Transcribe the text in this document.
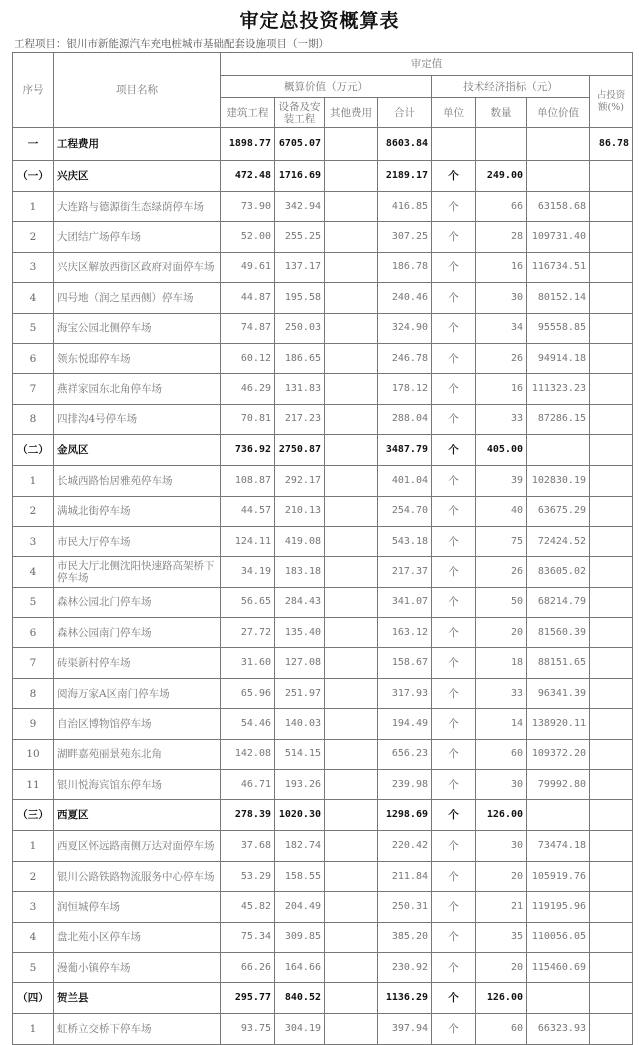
审定总投资概算表
工程项目：银川市新能源汽车充电桩城市基础配套设施项目（一期）
序号	项目名称	审定值							
		概算价值（万元）				技术经济指标（元）			占投资额(%)
		建筑工程	设备及安装工程	其他费用	合计	单位	数量	单位价值	
一	工程费用	1898.77	6705.07		8603.84				86.78
（一）	兴庆区	472.48	1716.69		2189.17	个	249.00		
1	大连路与德源街生态绿荫停车场	73.90	342.94		416.85	个	66	63158.68	
2	大团结广场停车场	52.00	255.25		307.25	个	28	109731.40	
3	兴庆区解放西街区政府对面停车场	49.61	137.17		186.78	个	16	116734.51	
4	四号地（润之星西侧）停车场	44.87	195.58		240.46	个	30	80152.14	
5	海宝公园北侧停车场	74.87	250.03		324.90	个	34	95558.85	
6	领东悦邸停车场	60.12	186.65		246.78	个	26	94914.18	
7	燕祥家园东北角停车场	46.29	131.83		178.12	个	16	111323.23	
8	四排沟4号停车场	70.81	217.23		288.04	个	33	87286.15	
（二）	金凤区	736.92	2750.87		3487.79	个	405.00		
1	长城西路怡居雅苑停车场	108.87	292.17		401.04	个	39	102830.19	
2	满城北街停车场	44.57	210.13		254.70	个	40	63675.29	
3	市民大厅停车场	124.11	419.08		543.18	个	75	72424.52	
4	市民大厅北侧沈阳快速路高架桥下停车场	34.19	183.18		217.37	个	26	83605.02	
5	森林公园北门停车场	56.65	284.43		341.07	个	50	68214.79	
6	森林公园南门停车场	27.72	135.40		163.12	个	20	81560.39	
7	砖渠新村停车场	31.60	127.08		158.67	个	18	88151.65	
8	阅海万家A区南门停车场	65.96	251.97		317.93	个	33	96341.39	
9	自治区博物馆停车场	54.46	140.03		194.49	个	14	138920.11	
10	湖畔嘉苑丽景苑东北角	142.08	514.15		656.23	个	60	109372.20	
11	银川悦海宾馆东停车场	46.71	193.26		239.98	个	30	79992.80	
（三）	西夏区	278.39	1020.30		1298.69	个	126.00		
1	西夏区怀远路南侧万达对面停车场	37.68	182.74		220.42	个	30	73474.18	
2	银川公路铁路物流服务中心停车场	53.29	158.55		211.84	个	20	105919.76	
3	润恒城停车场	45.82	204.49		250.31	个	21	119195.96	
4	盘北苑小区停车场	75.34	309.85		385.20	个	35	110056.05	
5	漫葡小镇停车场	66.26	164.66		230.92	个	20	115460.69	
（四）	贺兰县	295.77	840.52		1136.29	个	126.00		
1	虹桥立交桥下停车场	93.75	304.19		397.94	个	60	66323.93	
